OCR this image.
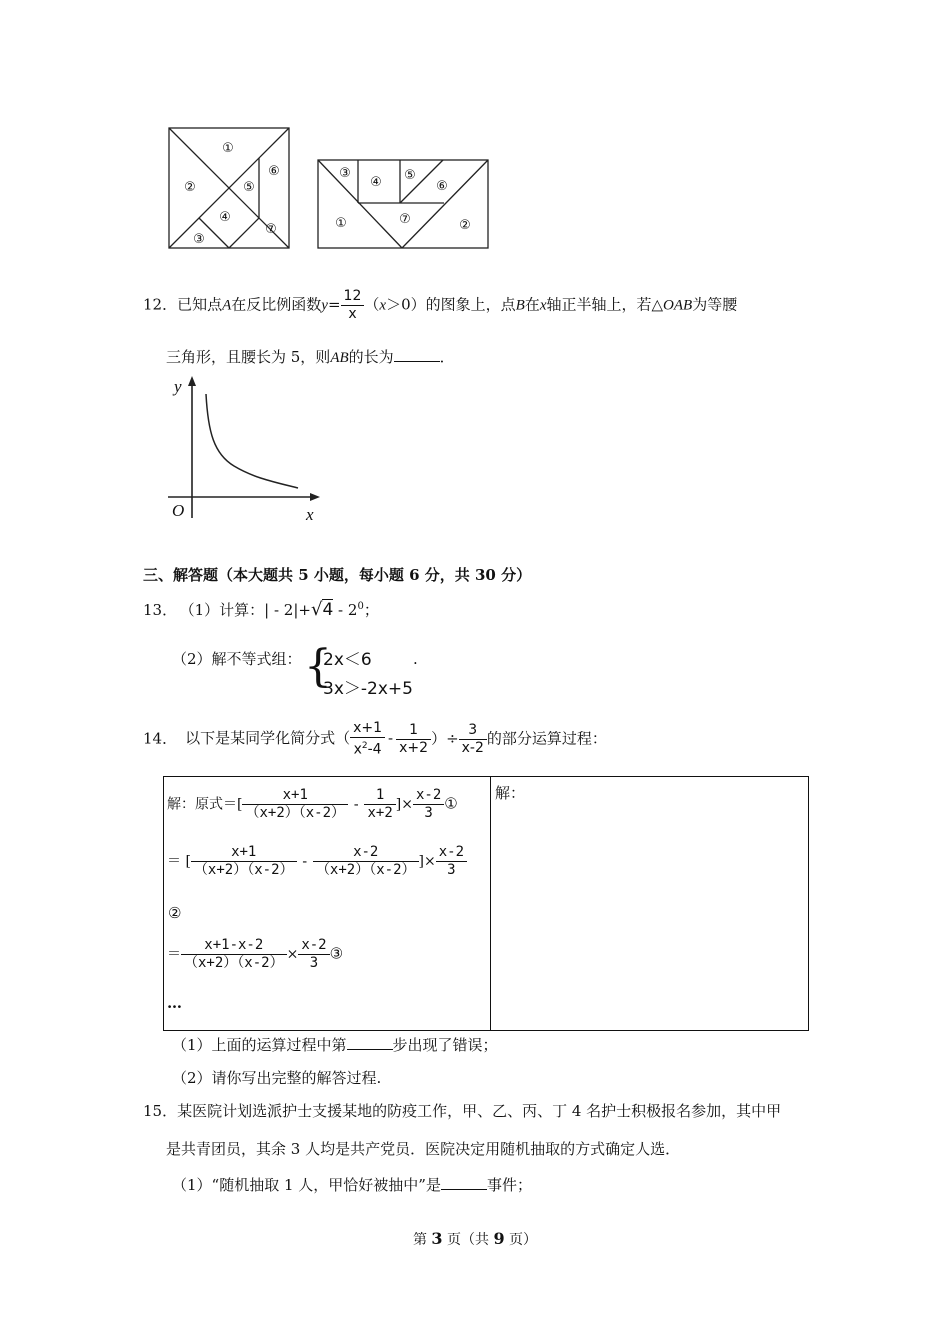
①
②
③
④
⑤
⑥
⑦
③
④ ⑤
⑥
①	⑦	②
12．已知点A在反比例函数$y= \frac{12}{x} (x>0)$的图象上，点B在x轴正半轴上，若△OAB为等腰
三角形，且腰长为 5，则AB的长为	．
y
x
O
三、解答题（本大题共 5 小题，每小题 6 分，共 30 分）
13． （1）计算：| - $2|+√4 - 2^0$；
（2）解不等式组： {
2x＜6
3x＞-2x+5
.
14． 以下是某同学化简分式（ $\frac{x+1}{x^2-4} - \frac{1}{x+2}$ ）÷ $\frac{3}{x-2}$ 的部分运算过程：
解：原式＝[ $\frac{x+1}{(x+2)(x-2)} - \frac{1}{x+2}$ ]× $\frac{x-2}{3}$ ①
＝ [ $\frac{x+1}{(x+2)(x-2)} - \frac{x-2}{(x+2)(x-2)}$ ]× $\frac{x-2}{3}$
②
＝ $\frac{x+1-x-2}{(x+2)(x-2)} \times \frac{x-2}{3}$ ③
…
解：
（1）上面的运算过程中第	步出现了错误；
（2）请你写出完整的解答过程.
15．某医院计划选派护士支援某地的防疫工作，甲、乙、丙、丁 4 名护士积极报名参加，其中甲
是共青团员，其余 3 人均是共产党员．医院决定用随机抽取的方式确定人选．
（1）“随机抽取 1 人，甲恰好被抽中”是	事件；
第 3 页（共 9 页）
